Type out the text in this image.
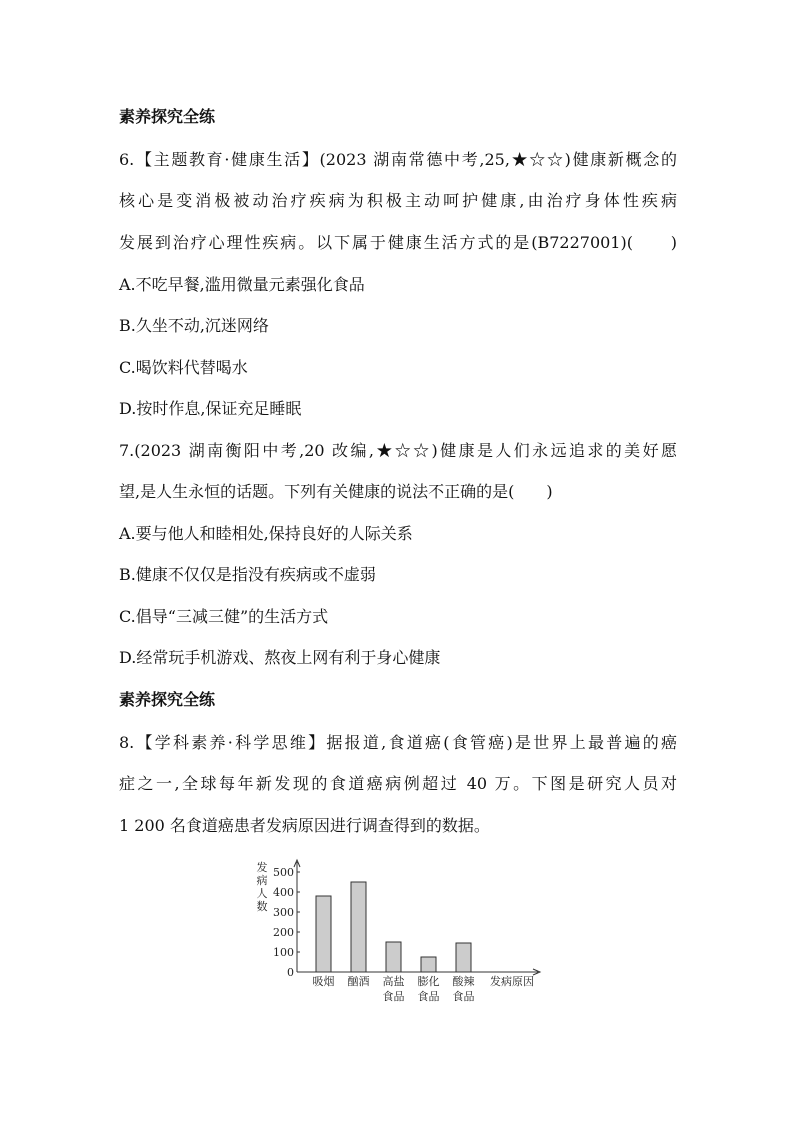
素养探究全练

6.【主题教育·健康生活】(2023 湖南常德中考,25,★☆☆)健康新概念的

核心是变消极被动治疗疾病为积极主动呵护健康,由治疗身体性疾病

发展到治疗心理性疾病。以下属于健康生活方式的是(B7227001)(　　)

A.不吃早餐,滥用微量元素强化食品

B.久坐不动,沉迷网络

C.喝饮料代替喝水

D.按时作息,保证充足睡眠

7.(2023 湖南衡阳中考,20 改编,★☆☆)健康是人们永远追求的美好愿

望,是人生永恒的话题。下列有关健康的说法不正确的是(　　)

A.要与他人和睦相处,保持良好的人际关系

B.健康不仅仅是指没有疾病或不虚弱

C.倡导“三减三健”的生活方式

D.经常玩手机游戏、熬夜上网有利于身心健康

素养探究全练

8.【学科素养·科学思维】据报道,食道癌(食管癌)是世界上最普遍的癌

症之一,全球每年新发现的食道癌病例超过 40 万。下图是研究人员对

1 200 名食道癌患者发病原因进行调查得到的数据。

500
400
300
200
100
0
发
病
人
数
吸烟 酗酒 高盐
食品
膨化
食品
酸辣
食品
发病原因
